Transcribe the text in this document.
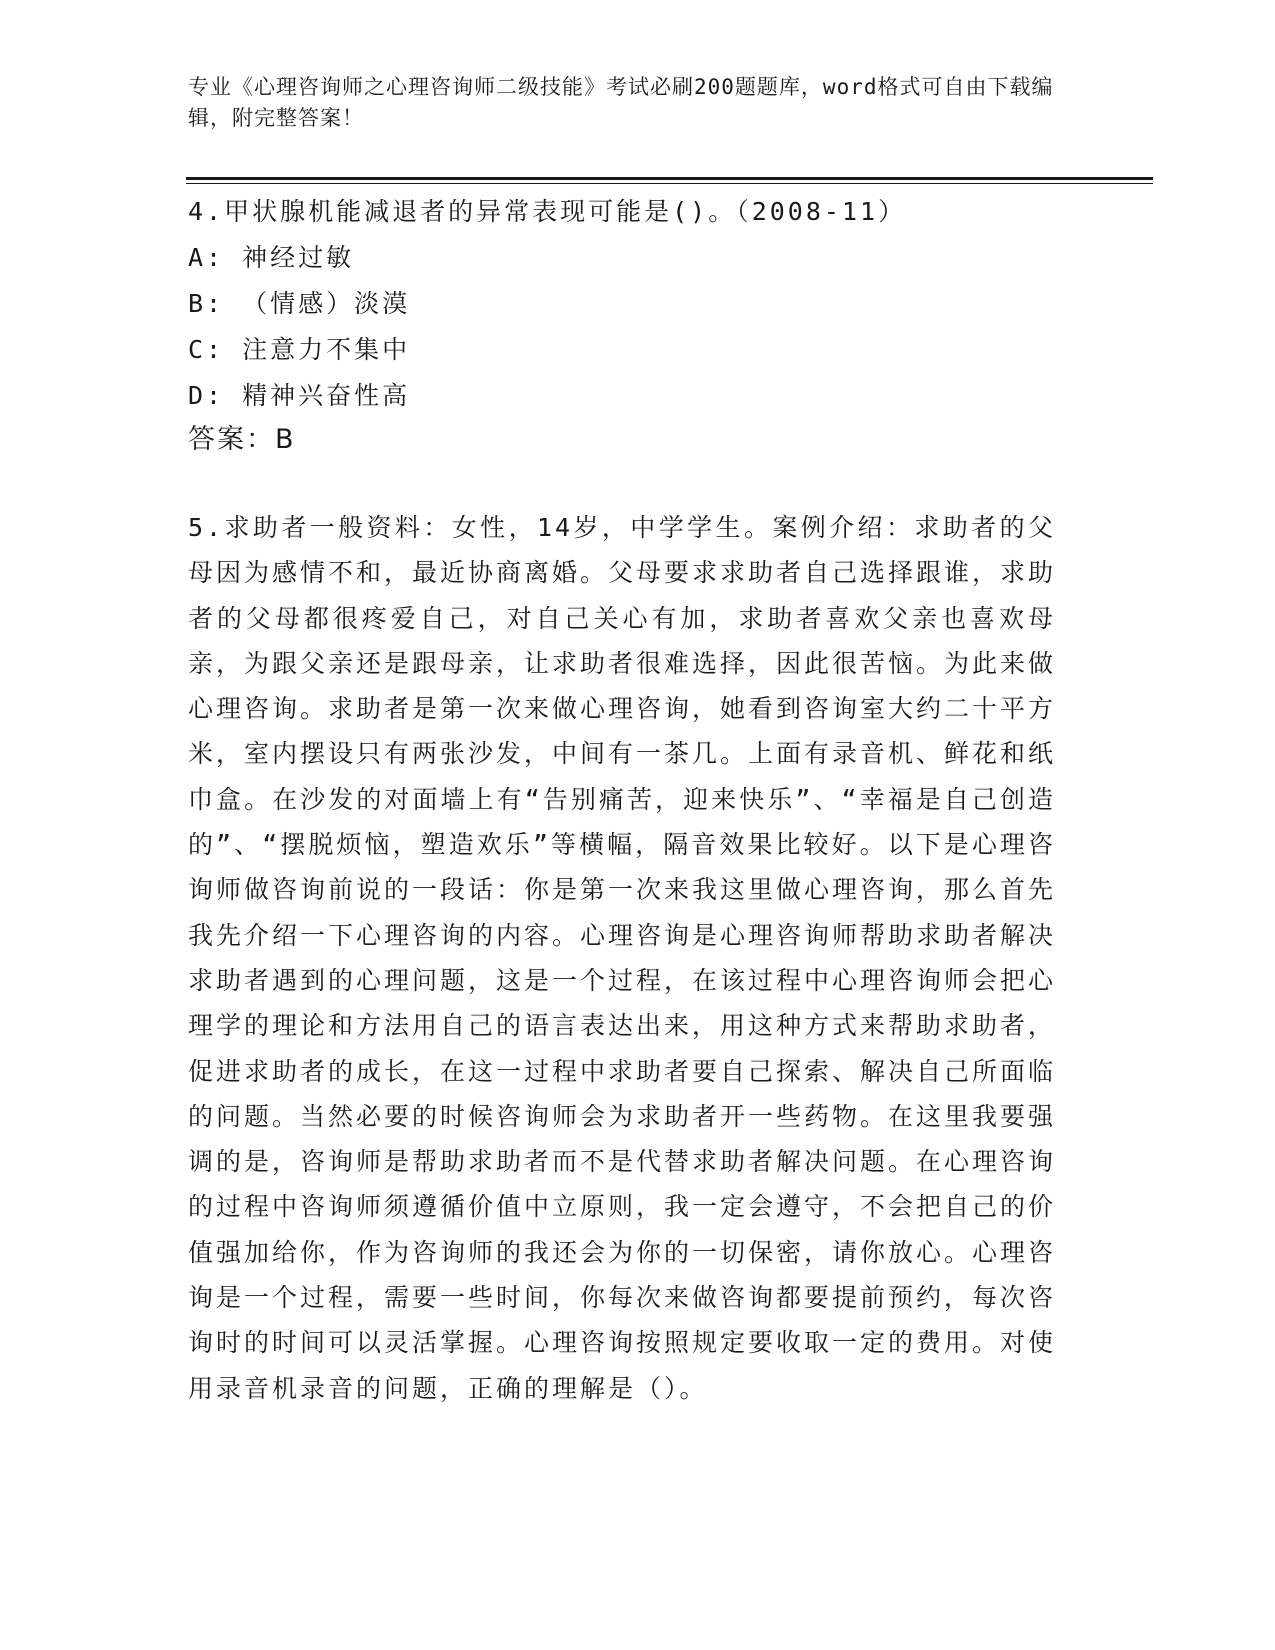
专业《心理咨询师之心理咨询师二级技能》考试必刷200题题库，word格式可自由下载编辑，附完整答案！
4.甲状腺机能减退者的异常表现可能是()。（2008-11）
A: 神经过敏
B: （情感）淡漠
C: 注意力不集中
D: 精神兴奋性高
答案：B
5.求助者一般资料：女性，14岁，中学学生。案例介绍：求助者的父母因为感情不和，最近协商离婚。父母要求求助者自己选择跟谁，求助者的父母都很疼爱自己，对自己关心有加，求助者喜欢父亲也喜欢母亲，为跟父亲还是跟母亲，让求助者很难选择，因此很苦恼。为此来做心理咨询。求助者是第一次来做心理咨询，她看到咨询室大约二十平方米，室内摆设只有两张沙发，中间有一茶几。上面有录音机、鲜花和纸巾盒。在沙发的对面墙上有“告别痛苦，迎来快乐”、“幸福是自己创造的”、“摆脱烦恼，塑造欢乐”等横幅，隔音效果比较好。以下是心理咨询师做咨询前说的一段话：你是第一次来我这里做心理咨询，那么首先我先介绍一下心理咨询的内容。心理咨询是心理咨询师帮助求助者解决求助者遇到的心理问题，这是一个过程，在该过程中心理咨询师会把心理学的理论和方法用自己的语言表达出来，用这种方式来帮助求助者，促进求助者的成长，在这一过程中求助者要自己探索、解决自己所面临的问题。当然必要的时候咨询师会为求助者开一些药物。在这里我要强调的是，咨询师是帮助求助者而不是代替求助者解决问题。在心理咨询的过程中咨询师须遵循价值中立原则，我一定会遵守，不会把自己的价值强加给你，作为咨询师的我还会为你的一切保密，请你放心。心理咨询是一个过程，需要一些时间，你每次来做咨询都要提前预约，每次咨询时的时间可以灵活掌握。心理咨询按照规定要收取一定的费用。对使用录音机录音的问题，正确的理解是（）。
